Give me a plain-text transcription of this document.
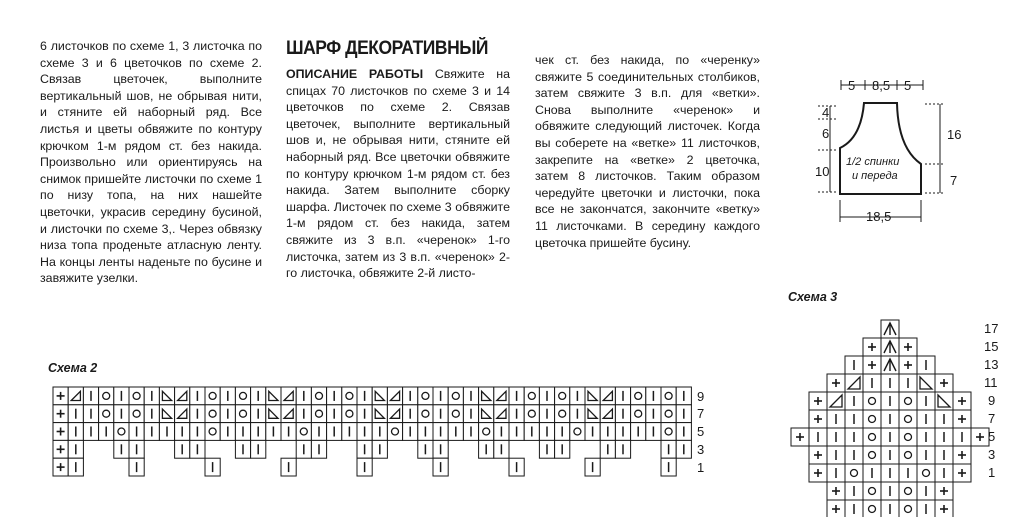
6 листочков по схеме 1, 3 листочка по схеме 3 и 6 цветочков по схеме 2. Связав цветочек, выполните вертикальный шов, не обрывая нити, и стяните ей наборный ряд. Все листья и цветы обвяжите по контуру крючком 1-м рядом ст. без накида. Произвольно или ориентируясь на снимок пришейте листочки по схеме 1 по низу топа, на них нашейте цветочки, украсив середину бусиной, и листочки по схеме 3,. Через обвязку низа топа проденьте атласную ленту. На концы ленты наденьте по бусине и завяжите узелки.

ШАРФ ДЕКОРАТИВНЫЙ

ОПИСАНИЕ РАБОТЫ Свяжите на спицах 70 листочков по схеме 3 и 14 цветочков по схеме 2. Связав цветочек, выполните вертикальный шов и, не обрывая нити, стяните ей наборный ряд. Все цветочки обвяжите по контуру крючком 1-м рядом ст. без накида. Затем выполните сборку шарфа. Листочек по схеме 3 обвяжите 1-м рядом ст. без накида, затем свяжите из 3 в.п. «черенок» 1-го листочка, затем из 3 в.п. «черенок» 2-го листочка, обвяжите 2-й листо-

чек ст. без накида, по «черенку» свяжите 5 соединительных столбиков, затем свяжите 3 в.п. для «ветки». Снова выполните «черенок» и обвяжите следующий листочек. Когда вы соберете на «ветке» 11 листочков, закрепите на «ветке» 2 цветочка, затем 8 листочков. Таким образом чередуйте цветочки и листочки, пока все не закончатся, закончите «ветку» 11 листочками. В середину каждого цветочка пришейте бусину.

Схема 2
Схема 3
5 8,5 5
4
6
10
16
7
18,5
1/2 спинки
и переда
9
7
5
3
1
17
15
13
11
9
7
5
3
1
